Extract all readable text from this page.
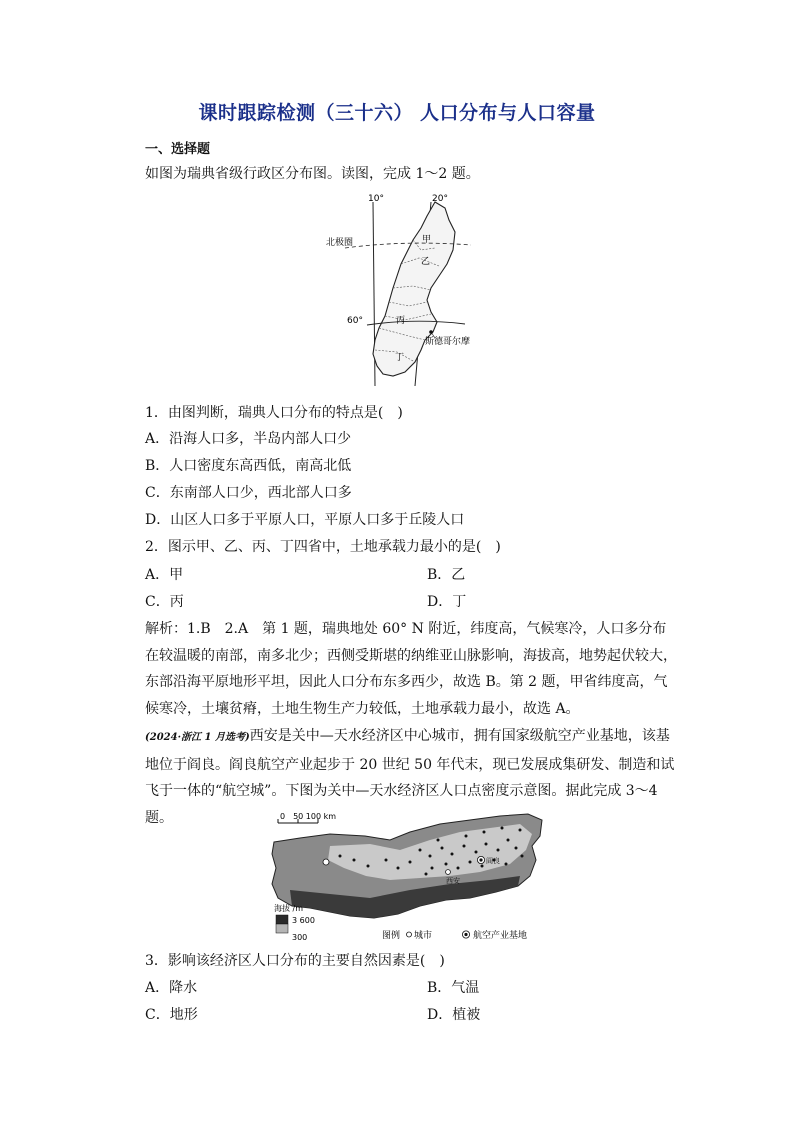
课时跟踪检测（三十六） 人口分布与人口容量
一、选择题
如图为瑞典省级行政区分布图。读图，完成 1～2 题。
10°	20°
北极圈	甲
乙
丙
丁
60°
斯德哥尔摩
1．由图判断，瑞典人口分布的特点是(　)
A．沿海人口多，半岛内部人口少
B．人口密度东高西低，南高北低
C．东南部人口少，西北部人口多
D．山区人口多于平原人口，平原人口多于丘陵人口
2．图示甲、乙、丙、丁四省中，土地承载力最小的是(　)
A．甲	B．乙
C．丙	D．丁
解析：1.B　2.A　第 1 题，瑞典地处 60° N 附近，纬度高，气候寒冷，人口多分布在较温暖的南部，南多北少；西侧受斯堪的纳维亚山脉影响，海拔高，地势起伏较大，东部沿海平原地形平坦，因此人口分布东多西少，故选 B。第 2 题，甲省纬度高，气候寒冷，土壤贫瘠，土地生物生产力较低，土地承载力最小，故选 A。
(2024·浙江 1 月选考)西安是关中—天水经济区中心城市，拥有国家级航空产业基地，该基地位于阎良。阎良航空产业起步于 20 世纪 50 年代末，现已发展成集研发、制造和试飞于一体的“航空城”。下图为关中—天水经济区人口点密度示意图。据此完成 3～4 题。	0　50 100 km
西安
阎良
海拔 /m
3 600
300	图例 城市	航空产业基地
3．影响该经济区人口分布的主要自然因素是(　)
A．降水	B．气温
C．地形	D．植被
